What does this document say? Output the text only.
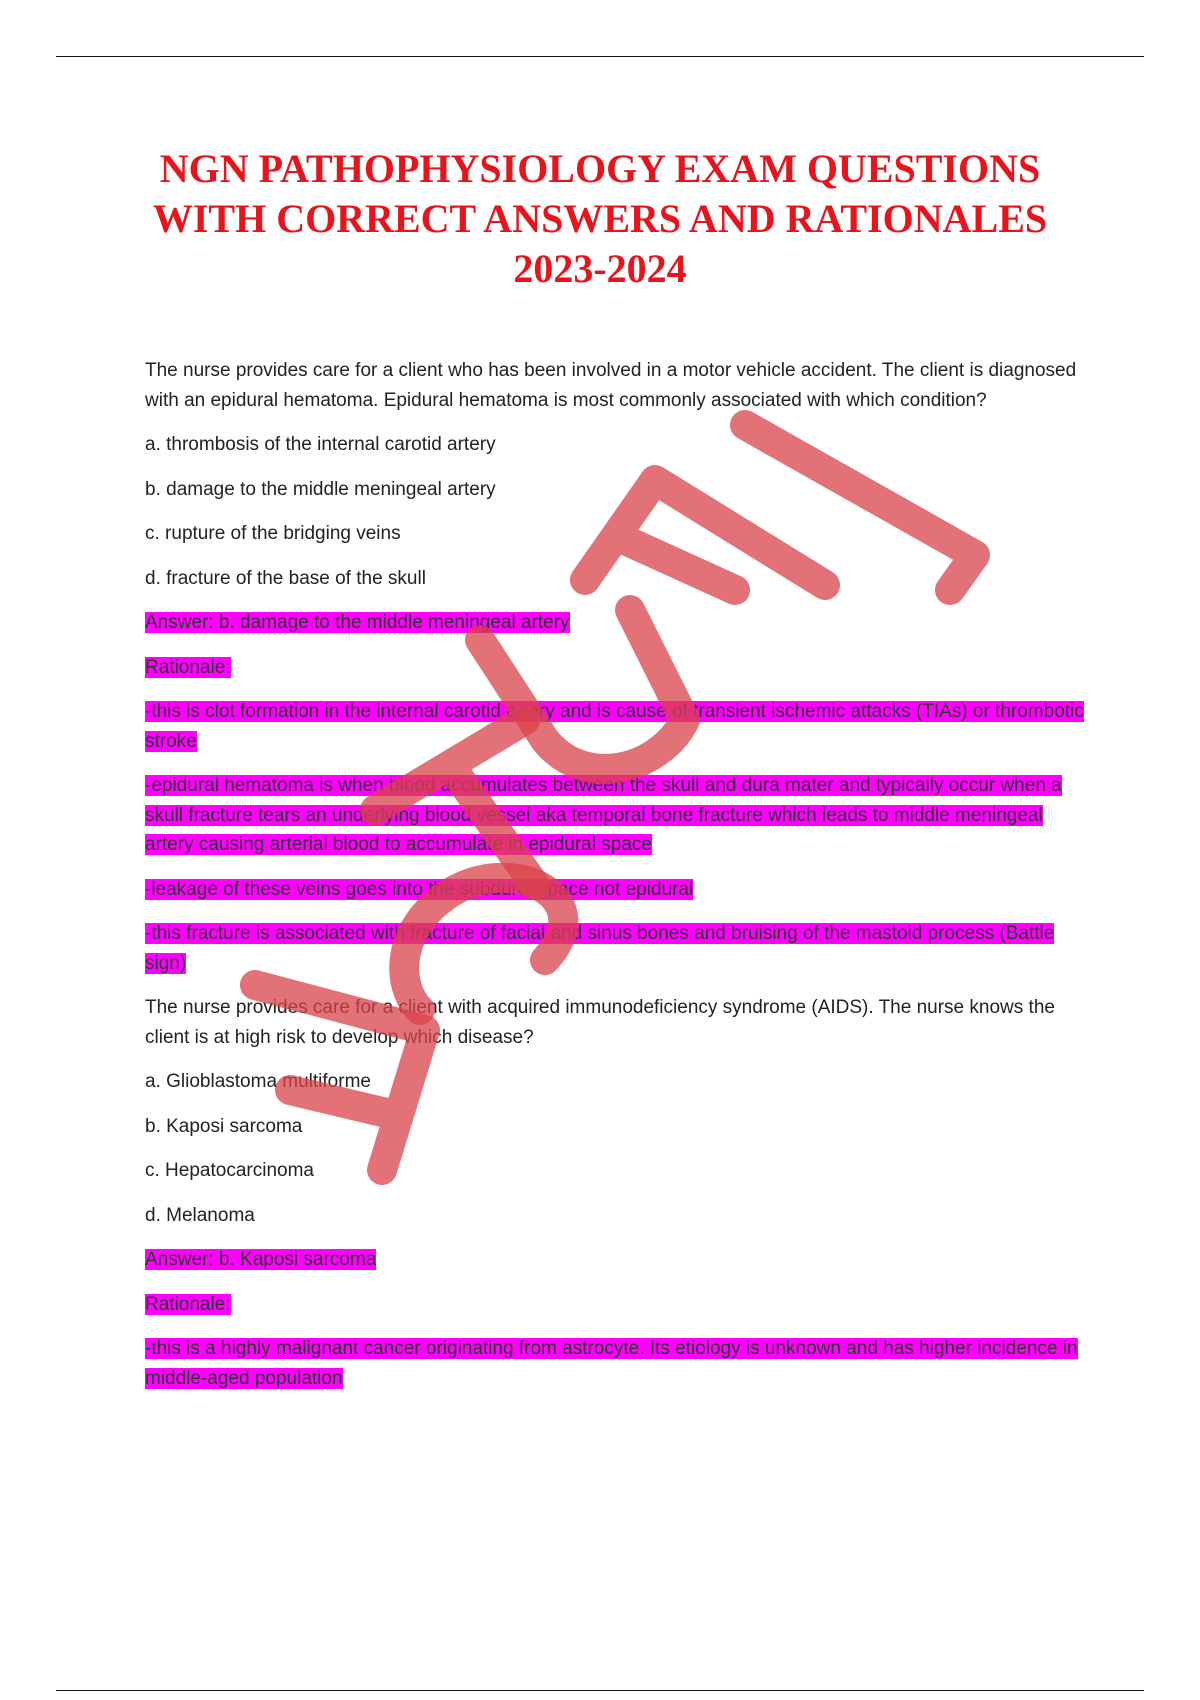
NGN PATHOPHYSIOLOGY EXAM QUESTIONS
WITH CORRECT ANSWERS AND RATIONALES
2023-2024

The nurse provides care for a client who has been involved in a motor vehicle accident. The client is diagnosed with an epidural hematoma. Epidural hematoma is most commonly associated with which condition?

a. thrombosis of the internal carotid artery

b. damage to the middle meningeal artery

c. rupture of the bridging veins

d. fracture of the base of the skull

Answer: b. damage to the middle meningeal artery

Rationale:

-this is clot formation in the internal carotid artery and is cause of transient ischemic attacks (TIAs) or thrombotic stroke

-epidural hematoma is when blood accumulates between the skull and dura mater and typically occur when a skull fracture tears an underlying blood vessel aka temporal bone fracture which leads to middle meningeal artery causing arterial blood to accumulate in epidural space

-leakage of these veins goes into the subdural space not epidural

-this fracture is associated with fracture of facial and sinus bones and bruising of the mastoid process (Battle sign)

The nurse provides care for a client with acquired immunodeficiency syndrome (AIDS). The nurse knows the client is at high risk to develop which disease?

a. Glioblastoma multiforme

b. Kaposi sarcoma

c. Hepatocarcinoma

d. Melanoma

Answer: b. Kaposi sarcoma

Rationale:

-this is a highly malignant cancer originating from astrocyte. Its etiology is unknown and has higher incidence in middle-aged population
